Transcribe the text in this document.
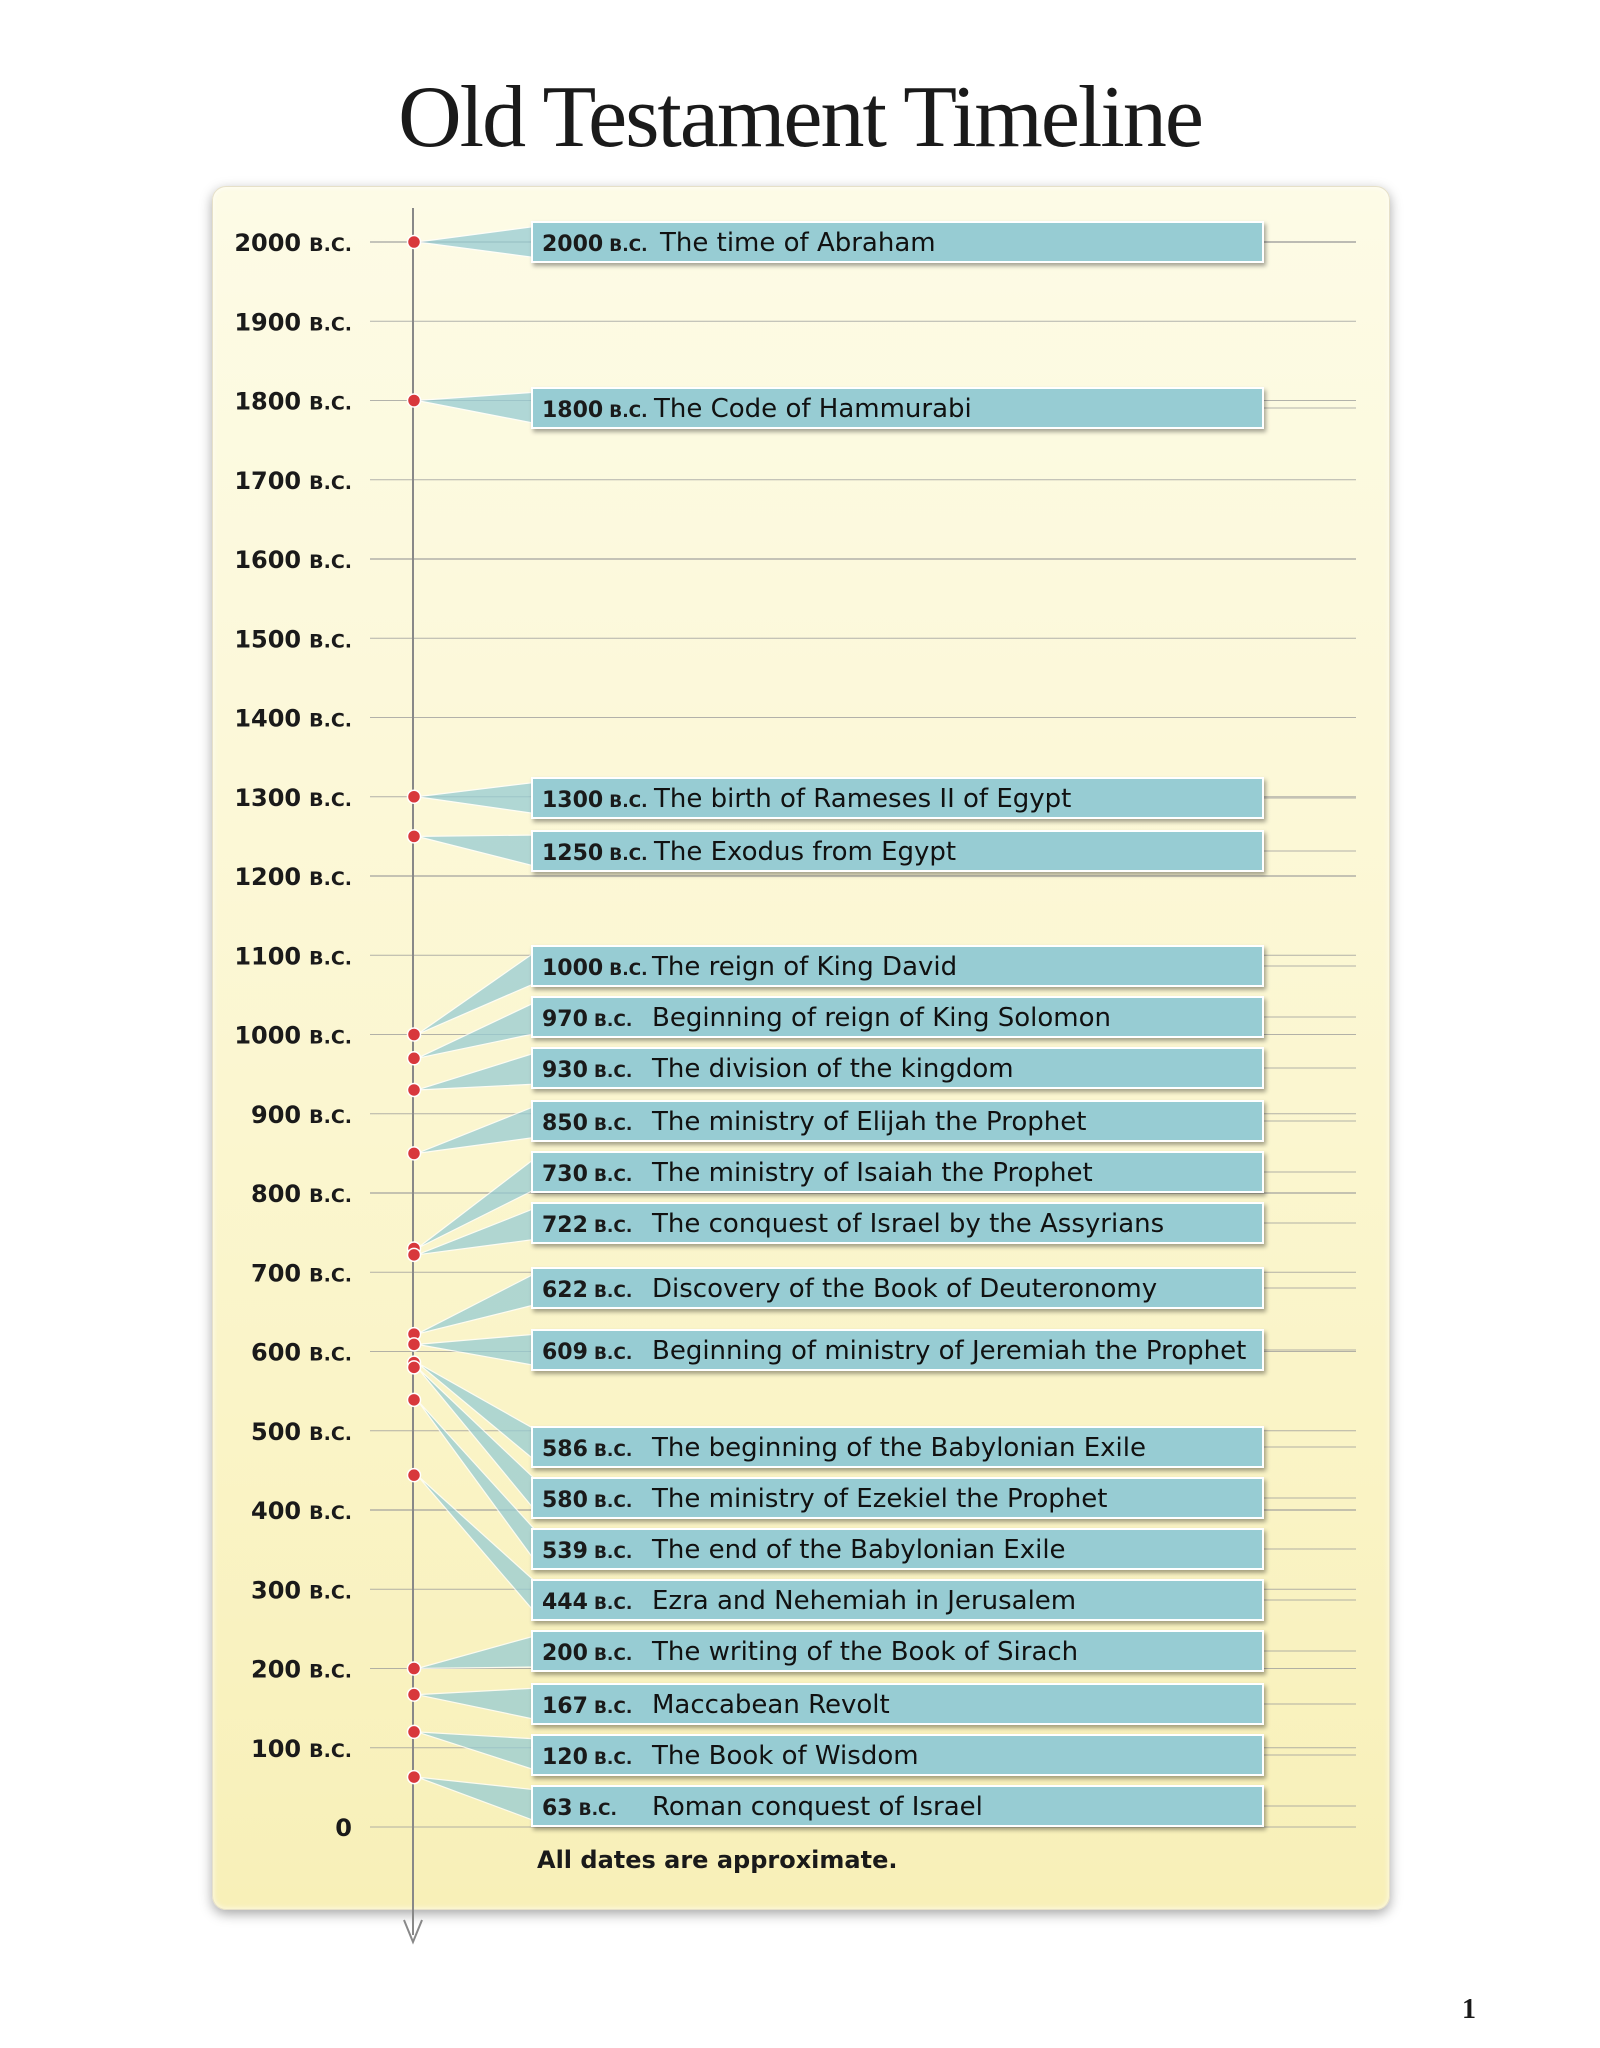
Old Testament Timeline
2000 B.C. The time of Abraham
1800 B.C. The Code of Hammurabi
1300 B.C. The birth of Rameses II of Egypt
1250 B.C. The Exodus from Egypt
1000 B.C. The reign of King David
970 B.C. Beginning of reign of King Solomon
930 B.C. The division of the kingdom
850 B.C. The ministry of Elijah the Prophet
730 B.C. The ministry of Isaiah the Prophet
722 B.C. The conquest of Israel by the Assyrians
622 B.C. Discovery of the Book of Deuteronomy
609 B.C. Beginning of ministry of Jeremiah the Prophet
586 B.C. The beginning of the Babylonian Exile
580 B.C. The ministry of Ezekiel the Prophet
539 B.C. The end of the Babylonian Exile
444 B.C. Ezra and Nehemiah in Jerusalem
200 B.C. The writing of the Book of Sirach
167 B.C. Maccabean Revolt
120 B.C. The Book of Wisdom
63 B.C. Roman conquest of Israel
2000 B.C.
1900 B.C.
1800 B.C.
1700 B.C.
1600 B.C.
1500 B.C.
1400 B.C.
1300 B.C.
1200 B.C.
1100 B.C.
1000 B.C.
900 B.C.
800 B.C.
700 B.C.
600 B.C.
500 B.C.
400 B.C.
300 B.C.
200 B.C.
100 B.C.
0
All dates are approximate.
1
